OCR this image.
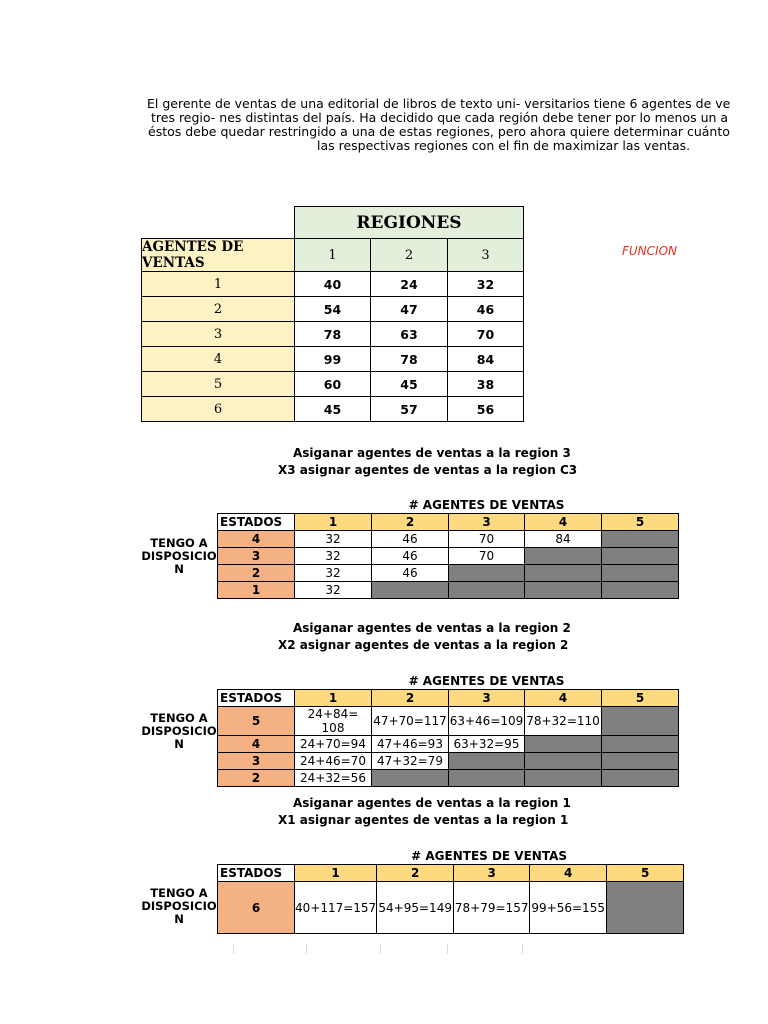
El gerente de ventas de una editorial de libros de texto uni- versitarios tiene 6 agentes de ve
tres regio- nes distintas del país. Ha decidido que cada región debe tener por lo menos un a
éstos debe quedar restringido a una de estas regiones, pero ahora quiere determinar cuánto
las respectivas regiones con el fin de maximizar las ventas.
	REGIONES		
AGENTES DE VENTAS	1	2	3
1	40	24	32
2	54	47	46
3	78	63	70
4	99	78	84
5	60	45	38
6	45	57	56
FUNCION
Asiganar agentes de ventas a la region 3
X3 asignar agentes de ventas a la region C3
TENGO A
DISPOSICIO
N
	# AGENTES DE VENTAS				
ESTADOS	1	2	3	4	5
4	32	46	70	84	
3	32	46	70		
2	32	46			
1	32				
Asiganar agentes de ventas a la region 2
X2 asignar agentes de ventas a la region 2
TENGO A
DISPOSICIO
N
	# AGENTES DE VENTAS				
ESTADOS	1	2	3	4	5
5	24+84= 108	47+70=117	63+46=109	78+32=110	
4	24+70=94	47+46=93	63+32=95		
3	24+46=70	47+32=79			
2	24+32=56				
Asiganar agentes de ventas a la region 1
X1 asignar agentes de ventas a la region 1
TENGO A
DISPOSICIO
N
	# AGENTES DE VENTAS				
ESTADOS	1	2	3	4	5
6	40+117=157	54+95=149	78+79=157	99+56=155	
